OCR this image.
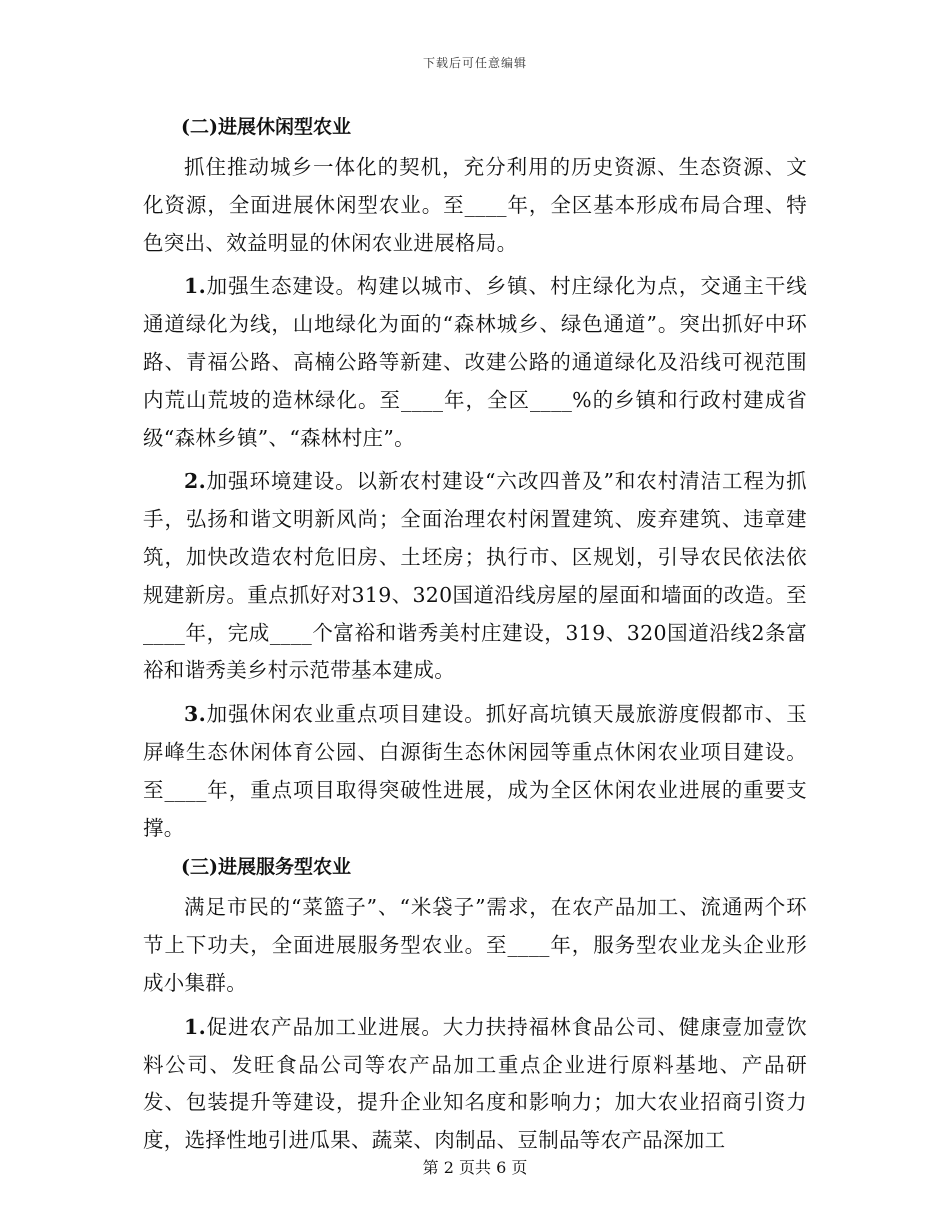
下载后可任意编辑
(二)进展休闲型农业
抓住推动城乡一体化的契机，充分利用的历史资源、生态资源、文化资源，全面进展休闲型农业。至____年，全区基本形成布局合理、特色突出、效益明显的休闲农业进展格局。
1.加强生态建设。构建以城市、乡镇、村庄绿化为点，交通主干线通道绿化为线，山地绿化为面的“森林城乡、绿色通道”。突出抓好中环路、青福公路、高楠公路等新建、改建公路的通道绿化及沿线可视范围内荒山荒坡的造林绿化。至____年，全区____%的乡镇和行政村建成省级“森林乡镇”、“森林村庄”。
2.加强环境建设。以新农村建设“六改四普及”和农村清洁工程为抓手，弘扬和谐文明新风尚；全面治理农村闲置建筑、废弃建筑、违章建筑，加快改造农村危旧房、土坯房；执行市、区规划，引导农民依法依规建新房。重点抓好对319、320国道沿线房屋的屋面和墙面的改造。至____年，完成____个富裕和谐秀美村庄建设，319、320国道沿线2条富裕和谐秀美乡村示范带基本建成。
3.加强休闲农业重点项目建设。抓好高坑镇天晟旅游度假都市、玉屏峰生态休闲体育公园、白源街生态休闲园等重点休闲农业项目建设。至____年，重点项目取得突破性进展，成为全区休闲农业进展的重要支撑。
(三)进展服务型农业
满足市民的“菜篮子”、“米袋子”需求，在农产品加工、流通两个环节上下功夫，全面进展服务型农业。至____年，服务型农业龙头企业形成小集群。
1.促进农产品加工业进展。大力扶持福林食品公司、健康壹加壹饮料公司、发旺食品公司等农产品加工重点企业进行原料基地、产品研发、包装提升等建设，提升企业知名度和影响力；加大农业招商引资力度，选择性地引进瓜果、蔬菜、肉制品、豆制品等农产品深加工
第 2 页共 6 页
